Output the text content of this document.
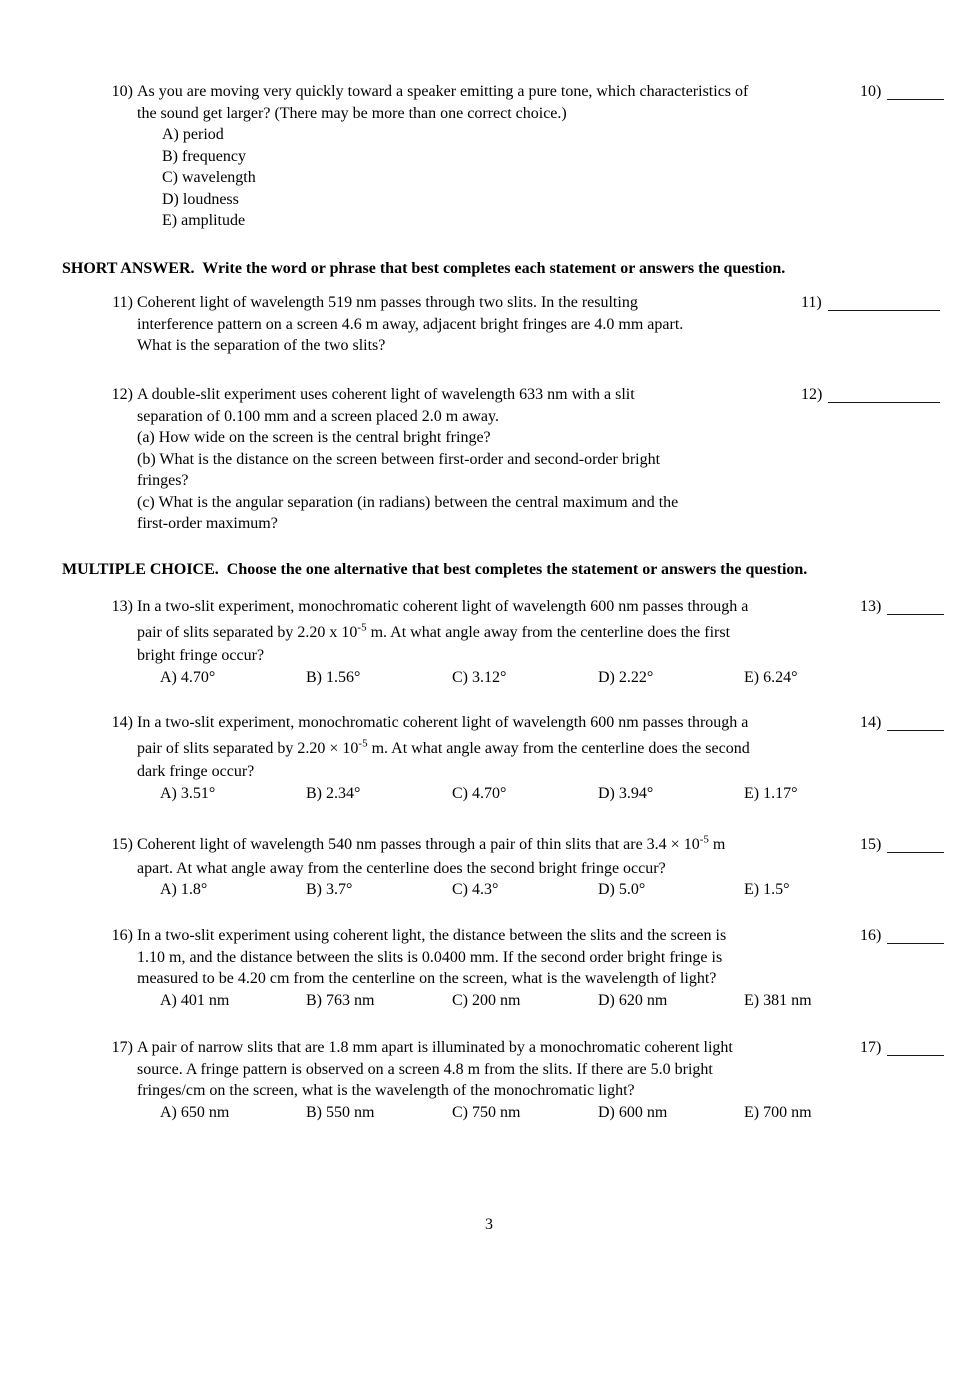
10) As you are moving very quickly toward a speaker emitting a pure tone, which characteristics of
the sound get larger? (There may be more than one correct choice.)
A) period
B) frequency
C) wavelength
D) loudness
E) amplitude
10)
SHORT ANSWER.  Write the word or phrase that best completes each statement or answers the question.
11) Coherent light of wavelength 519 nm passes through two slits. In the resulting
interference pattern on a screen 4.6 m away, adjacent bright fringes are 4.0 mm apart.
What is the separation of the two slits?
11)
12) A double-slit experiment uses coherent light of wavelength 633 nm with a slit
separation of 0.100 mm and a screen placed 2.0 m away.
(a) How wide on the screen is the central bright fringe?
(b) What is the distance on the screen between first-order and second-order bright
fringes?
(c) What is the angular separation (in radians) between the central maximum and the
first-order maximum?
12)
MULTIPLE CHOICE.  Choose the one alternative that best completes the statement or answers the question.
13) In a two-slit experiment, monochromatic coherent light of wavelength 600 nm passes through a
pair of slits separated by 2.20 x $10^{-5}$ m. At what angle away from the centerline does the first
bright fringe occur?
A) 4.70°	B) 1.56°	C) 3.12°	D) 2.22°	E) 6.24°
13)
14) In a two-slit experiment, monochromatic coherent light of wavelength 600 nm passes through a
pair of slits separated by $2.20 \times 10^{-5}$ m. At what angle away from the centerline does the second
dark fringe occur?
A) 3.51°	B) 2.34°	C) 4.70°	D) 3.94°	E) 1.17°
14)
15) Coherent light of wavelength 540 nm passes through a pair of thin slits that are $3.4 \times 10^{-5}$ m
apart. At what angle away from the centerline does the second bright fringe occur?
A) 1.8°	B) 3.7°	C) 4.3°	D) 5.0°	E) 1.5°
15)
16) In a two-slit experiment using coherent light, the distance between the slits and the screen is
1.10 m, and the distance between the slits is 0.0400 mm. If the second order bright fringe is
measured to be 4.20 cm from the centerline on the screen, what is the wavelength of light?
A) 401 nm	B) 763 nm	C) 200 nm	D) 620 nm	E) 381 nm
16)
17) A pair of narrow slits that are 1.8 mm apart is illuminated by a monochromatic coherent light
source. A fringe pattern is observed on a screen 4.8 m from the slits. If there are 5.0 bright
fringes/cm on the screen, what is the wavelength of the monochromatic light?
A) 650 nm	B) 550 nm	C) 750 nm	D) 600 nm	E) 700 nm
17)
3
